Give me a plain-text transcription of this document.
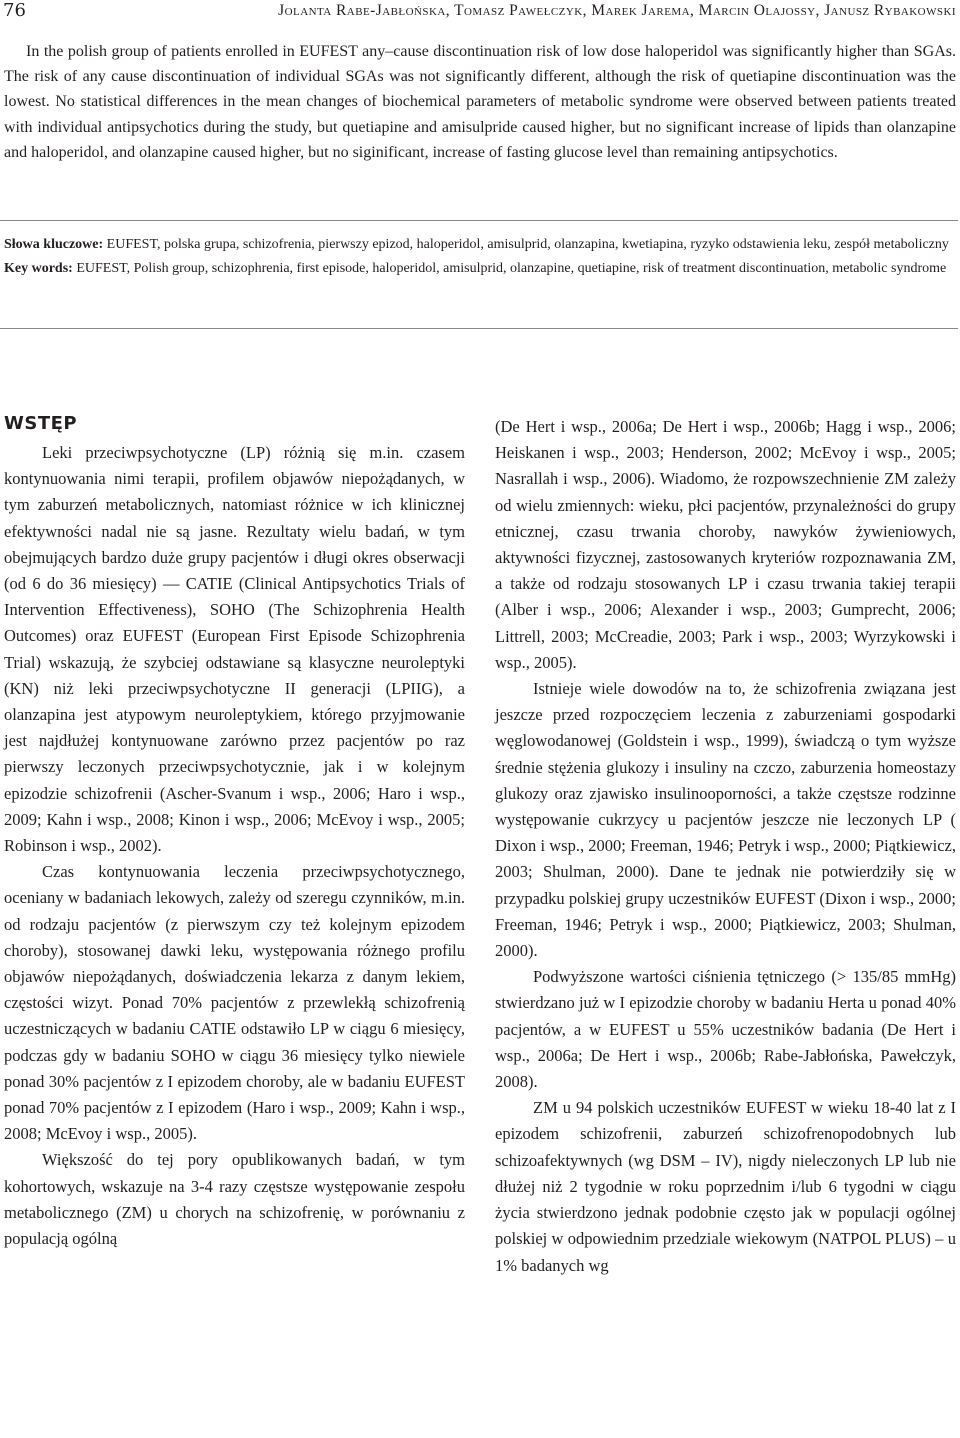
76	Jolanta Rabe-Jabłońska, Tomasz Pawełczyk, Marek Jarema, Marcin Olajossy, Janusz Rybakowski

In the polish group of patients enrolled in EUFEST any–cause discontinuation risk of low dose haloperidol was significantly higher than SGAs. The risk of any cause discontinuation of individual SGAs was not significantly different, although the risk of quetiapine discontinuation was the lowest. No statistical differences in the mean changes of biochemical parameters of metabolic syndrome were observed between patients treated with individual antipsychotics during the study, but quetiapine and amisulpride caused higher, but no significant increase of lipids than olanzapine and haloperidol, and olanzapine caused higher, but no siginificant, increase of fasting glucose level than remaining antipsychotics.

Słowa kluczowe: EUFEST, polska grupa, schizofrenia, pierwszy epizod, haloperidol, amisulprid, olanzapina, kwetiapina, ryzyko odstawienia leku, zespół metaboliczny

Key words: EUFEST, Polish group, schizophrenia, first episode, haloperidol, amisulprid, olanzapine, quetiapine, risk of treatment discontinuation, metabolic syndrome

WSTĘP

Leki przeciwpsychotyczne (LP) różnią się m.in. czasem kontynuowania nimi terapii, profilem objawów niepożądanych, w tym zaburzeń metabolicznych, natomiast różnice w ich klinicznej efektywności nadal nie są jasne. Rezultaty wielu badań, w tym obejmujących bardzo duże grupy pacjentów i długi okres obserwacji (od 6 do 36 miesięcy) — CATIE (Clinical Antipsychotics Trials of Intervention Effectiveness), SOHO (The Schizophrenia Health Outcomes) oraz EUFEST (European First Episode Schizophrenia Trial) wskazują, że szybciej odstawiane są klasyczne neuroleptyki (KN) niż leki przeciwpsychotyczne II generacji (LPIIG), a olanzapina jest atypowym neuroleptykiem, którego przyjmowanie jest najdłużej kontynuowane zarówno przez pacjentów po raz pierwszy leczonych przeciwpsychotycznie, jak i w kolejnym epizodzie schizofrenii (Ascher-Svanum i wsp., 2006; Haro i wsp., 2009; Kahn i wsp., 2008; Kinon i wsp., 2006; McEvoy i wsp., 2005; Robinson i wsp., 2002).

Czas kontynuowania leczenia przeciwpsychotycznego, oceniany w badaniach lekowych, zależy od szeregu czynników, m.in. od rodzaju pacjentów (z pierwszym czy też kolejnym epizodem choroby), stosowanej dawki leku, występowania różnego profilu objawów niepożądanych, doświadczenia lekarza z danym lekiem, częstości wizyt. Ponad 70% pacjentów z przewlekłą schizofrenią uczestniczących w badaniu CATIE odstawiło LP w ciągu 6 miesięcy, podczas gdy w badaniu SOHO w ciągu 36 miesięcy tylko niewiele ponad 30% pacjentów z I epizodem choroby, ale w badaniu EUFEST ponad 70% pacjentów z I epizodem (Haro i wsp., 2009; Kahn i wsp., 2008; McEvoy i wsp., 2005).

Większość do tej pory opublikowanych badań, w tym kohortowych, wskazuje na 3-4 razy częstsze występowanie zespołu metabolicznego (ZM) u chorych na schizofrenię, w porównaniu z populacją ogólną

(De Hert i wsp., 2006a; De Hert i wsp., 2006b; Hagg i wsp., 2006; Heiskanen i wsp., 2003; Henderson, 2002; McEvoy i wsp., 2005; Nasrallah i wsp., 2006). Wiadomo, że rozpowszechnienie ZM zależy od wielu zmiennych: wieku, płci pacjentów, przynależności do grupy etnicznej, czasu trwania choroby, nawyków żywieniowych, aktywności fizycznej, zastosowanych kryteriów rozpoznawania ZM, a także od rodzaju stosowanych LP i czasu trwania takiej terapii (Alber i wsp., 2006; Alexander i wsp., 2003; Gumprecht, 2006; Littrell, 2003; McCreadie, 2003; Park i wsp., 2003; Wyrzykowski i wsp., 2005).

Istnieje wiele dowodów na to, że schizofrenia związana jest jeszcze przed rozpoczęciem leczenia z zaburzeniami gospodarki węglowodanowej (Goldstein i wsp., 1999), świadczą o tym wyższe średnie stężenia glukozy i insuliny na czczo, zaburzenia homeostazy glukozy oraz zjawisko insulinooporności, a także częstsze rodzinne występowanie cukrzycy u pacjentów jeszcze nie leczonych LP ( Dixon i wsp., 2000; Freeman, 1946; Petryk i wsp., 2000; Piątkiewicz, 2003; Shulman, 2000). Dane te jednak nie potwierdziły się w przypadku polskiej grupy uczestników EUFEST (Dixon i wsp., 2000; Freeman, 1946; Petryk i wsp., 2000; Piątkiewicz, 2003; Shulman, 2000).

Podwyższone wartości ciśnienia tętniczego (> 135/85 mmHg) stwierdzano już w I epizodzie choroby w badaniu Herta u ponad 40% pacjentów, a w EUFEST u 55% uczestników badania (De Hert i wsp., 2006a; De Hert i wsp., 2006b; Rabe-Jabłońska, Pawełczyk, 2008).

ZM u 94 polskich uczestników EUFEST w wieku 18-40 lat z I epizodem schizofrenii, zaburzeń schizofrenopodobnych lub schizoafektywnych (wg DSM – IV), nigdy nieleczonych LP lub nie dłużej niż 2 tygodnie w roku poprzednim i/lub 6 tygodni w ciągu życia stwierdzono jednak podobnie często jak w populacji ogólnej polskiej w odpowiednim przedziale wiekowym (NATPOL PLUS) – u 1% badanych wg
